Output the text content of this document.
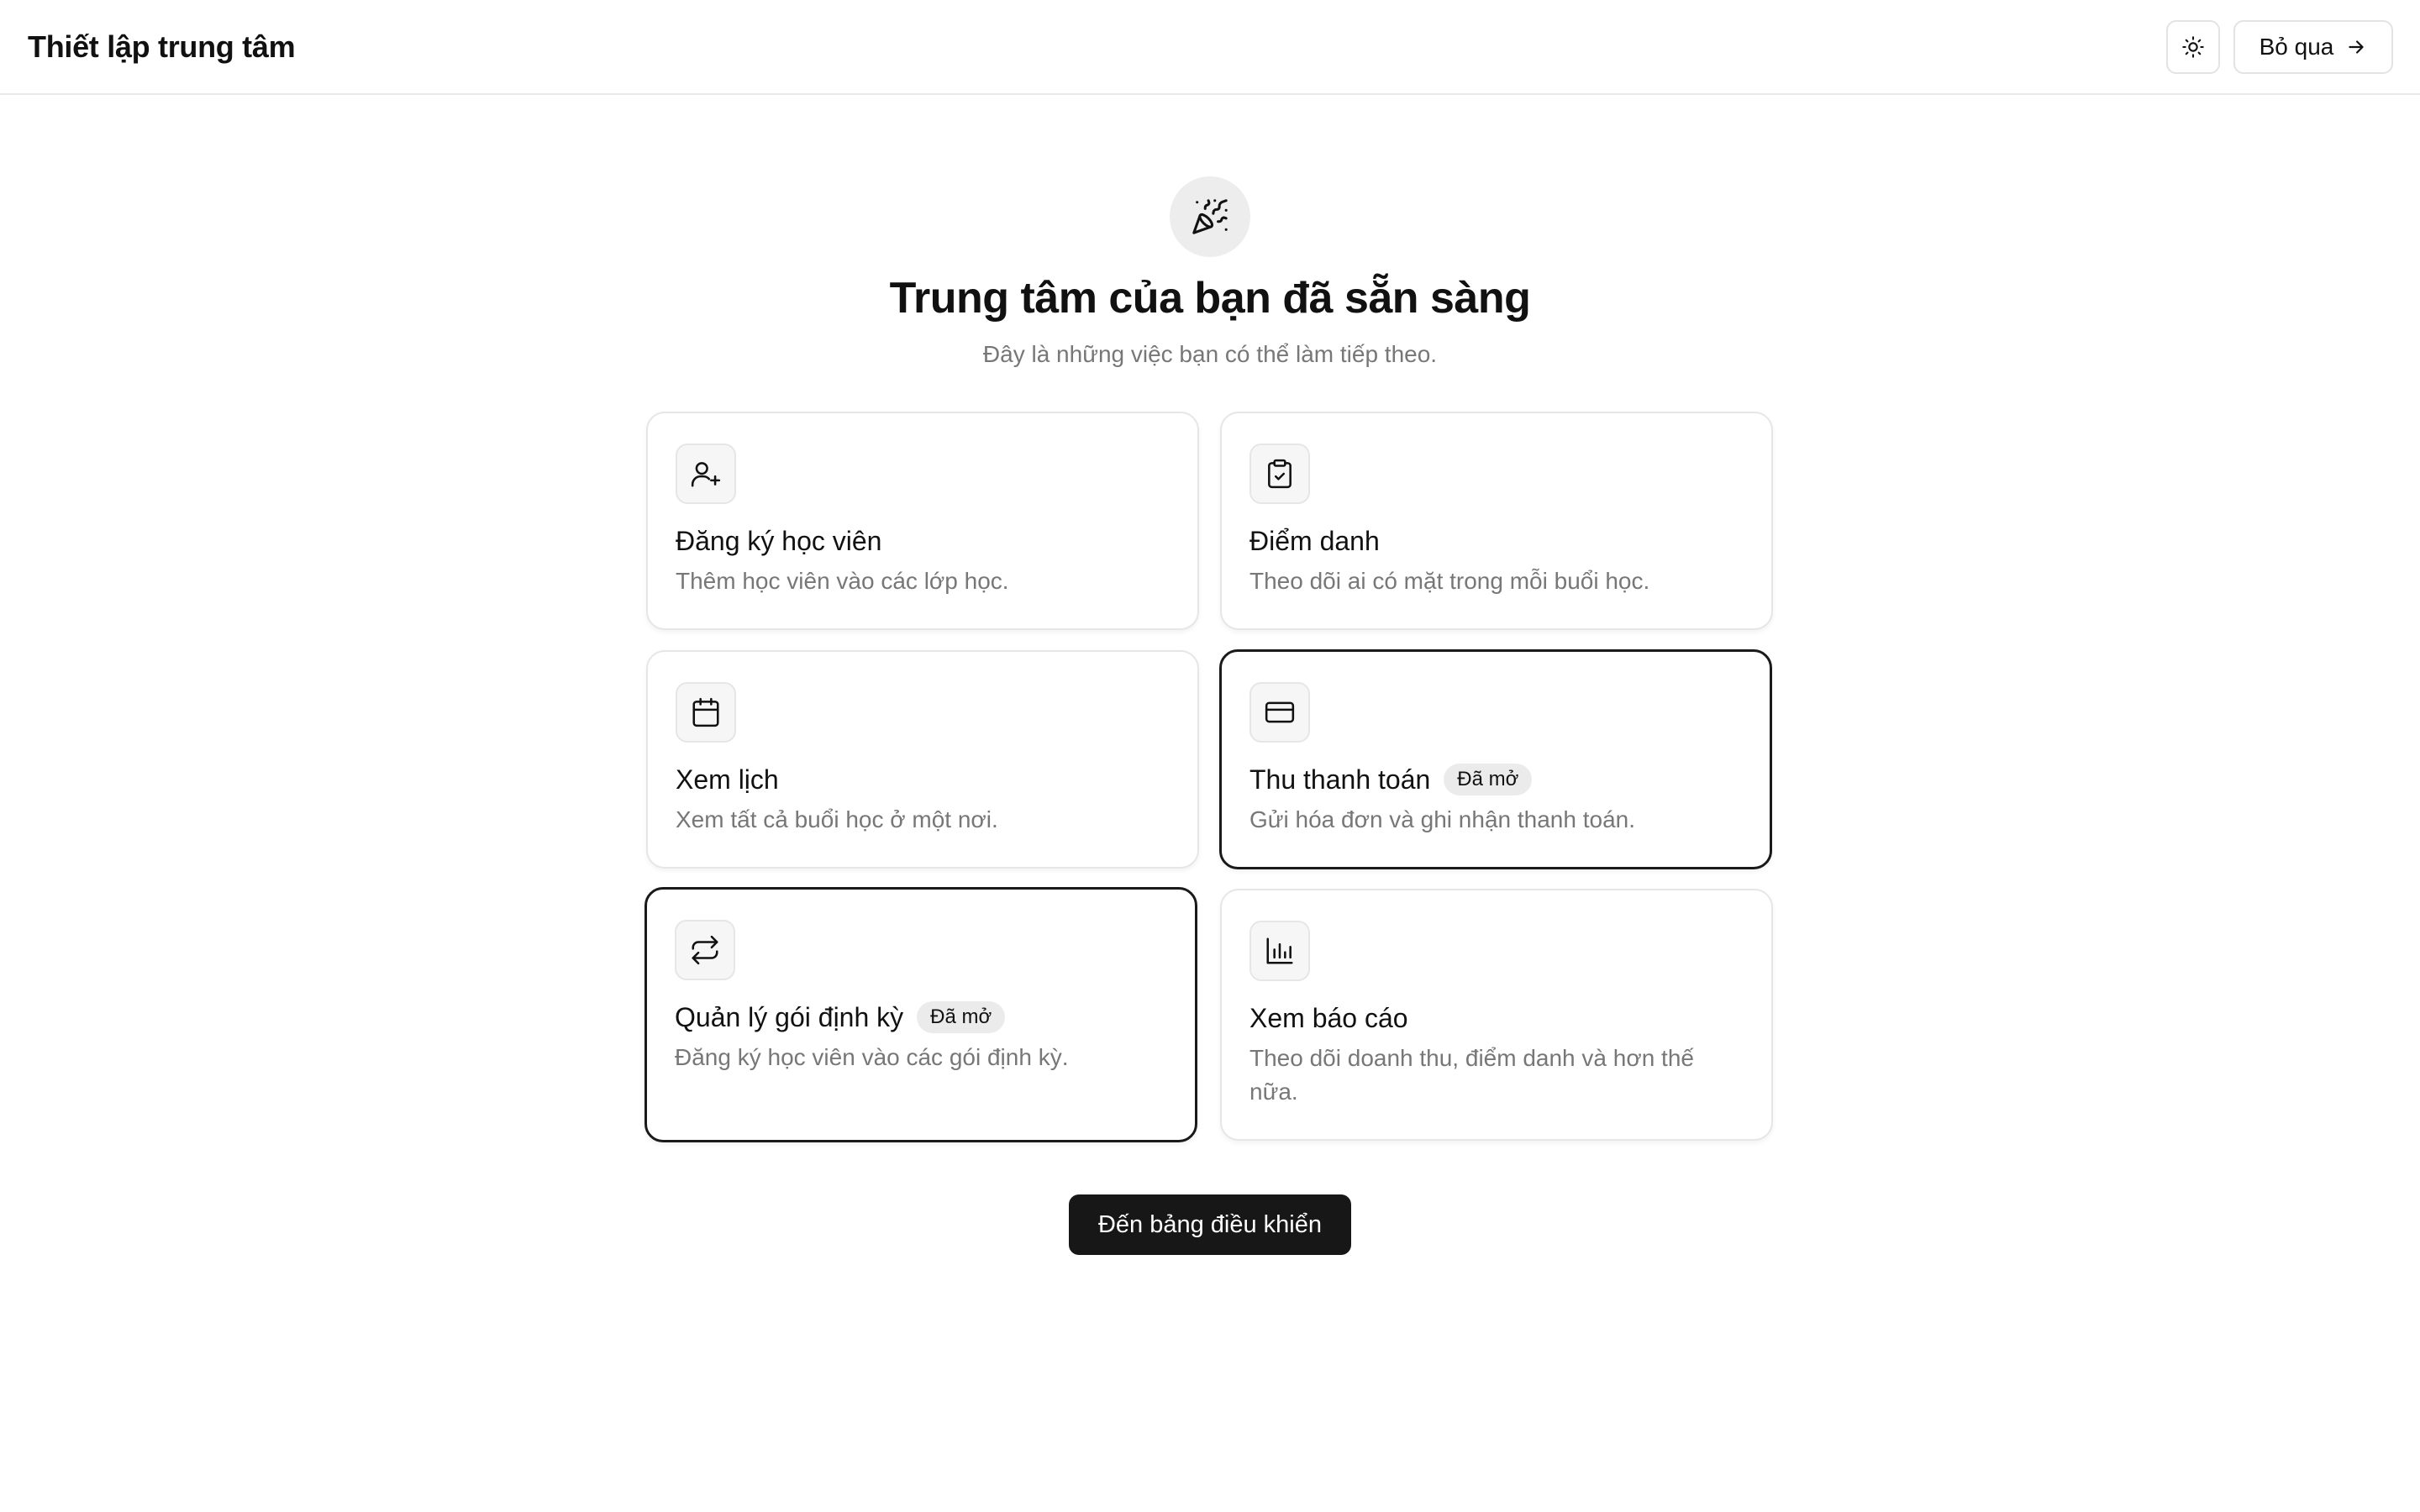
Thiết lập trung tâm	Bỏ qua
Trung tâm của bạn đã sẵn sàng
Đây là những việc bạn có thể làm tiếp theo.
Đăng ký học viên
Thêm học viên vào các lớp học.
Điểm danh
Theo dõi ai có mặt trong mỗi buổi học.
Xem lịch
Xem tất cả buổi học ở một nơi.
Thu thanh toán	Đã mở
Gửi hóa đơn và ghi nhận thanh toán.
Quản lý gói định kỳ	Đã mở
Đăng ký học viên vào các gói định kỳ.
Xem báo cáo
Theo dõi doanh thu, điểm danh và hơn thế nữa.
Đến bảng điều khiển
